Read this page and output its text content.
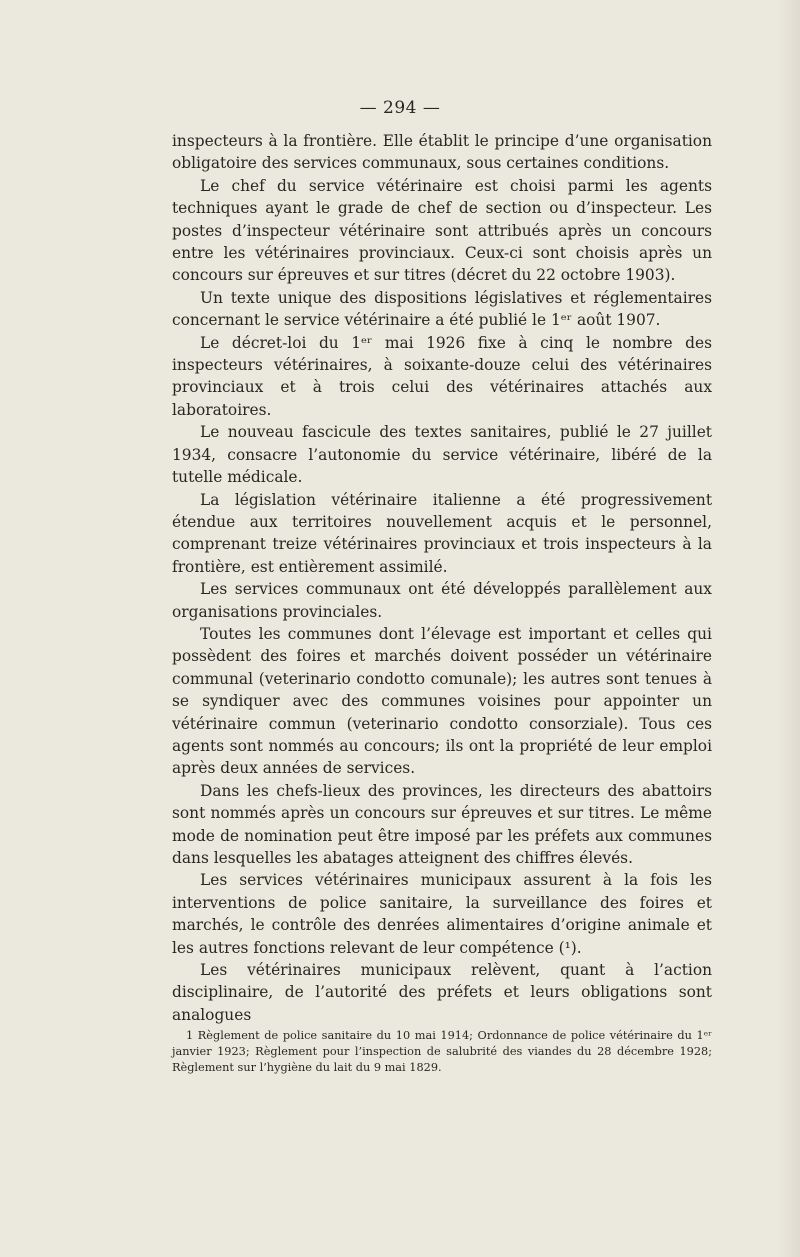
— 294 —

inspecteurs à la frontière. Elle établit le principe d’une organisation obligatoire des services communaux, sous certaines conditions.

Le chef du service vétérinaire est choisi parmi les agents techniques ayant le grade de chef de section ou d’inspecteur. Les postes d’inspecteur vétérinaire sont attribués après un concours entre les vétérinaires provinciaux. Ceux-ci sont choisis après un concours sur épreuves et sur titres (décret du 22 octobre 1903).

Un texte unique des dispositions législatives et réglementaires concernant le service vétérinaire a été publié le 1ᵉʳ août 1907.

Le décret-loi du 1ᵉʳ mai 1926 fixe à cinq le nombre des inspecteurs vétérinaires, à soixante-douze celui des vétérinaires provinciaux et à trois celui des vétérinaires attachés aux laboratoires.

Le nouveau fascicule des textes sanitaires, publié le 27 juillet 1934, consacre l’autonomie du service vétérinaire, libéré de la tutelle médicale.

La législation vétérinaire italienne a été progressivement étendue aux territoires nouvellement acquis et le personnel, comprenant treize vétérinaires provinciaux et trois inspecteurs à la frontière, est entièrement assimilé.

Les services communaux ont été développés parallèlement aux organisations provinciales.

Toutes les communes dont l’élevage est important et celles qui possèdent des foires et marchés doivent posséder un vétérinaire communal (veterinario condotto comunale); les autres sont tenues à se syndiquer avec des communes voisines pour appointer un vétérinaire commun (veterinario condotto consorziale). Tous ces agents sont nommés au concours; ils ont la propriété de leur emploi après deux années de services.

Dans les chefs-lieux des provinces, les directeurs des abattoirs sont nommés après un concours sur épreuves et sur titres. Le même mode de nomination peut être imposé par les préfets aux communes dans lesquelles les abatages atteignent des chiffres élevés.

Les services vétérinaires municipaux assurent à la fois les interventions de police sanitaire, la surveillance des foires et marchés, le contrôle des denrées alimentaires d’origine animale et les autres fonctions relevant de leur compétence (¹).

Les vétérinaires municipaux relèvent, quant à l’action disciplinaire, de l’autorité des préfets et leurs obligations sont analogues

1 Règlement de police sanitaire du 10 mai 1914; Ordonnance de police vétérinaire du 1ᵉʳ janvier 1923; Règlement pour l’inspection de salubrité des viandes du 28 décembre 1928; Règlement sur l’hygiène du lait du 9 mai 1829.
